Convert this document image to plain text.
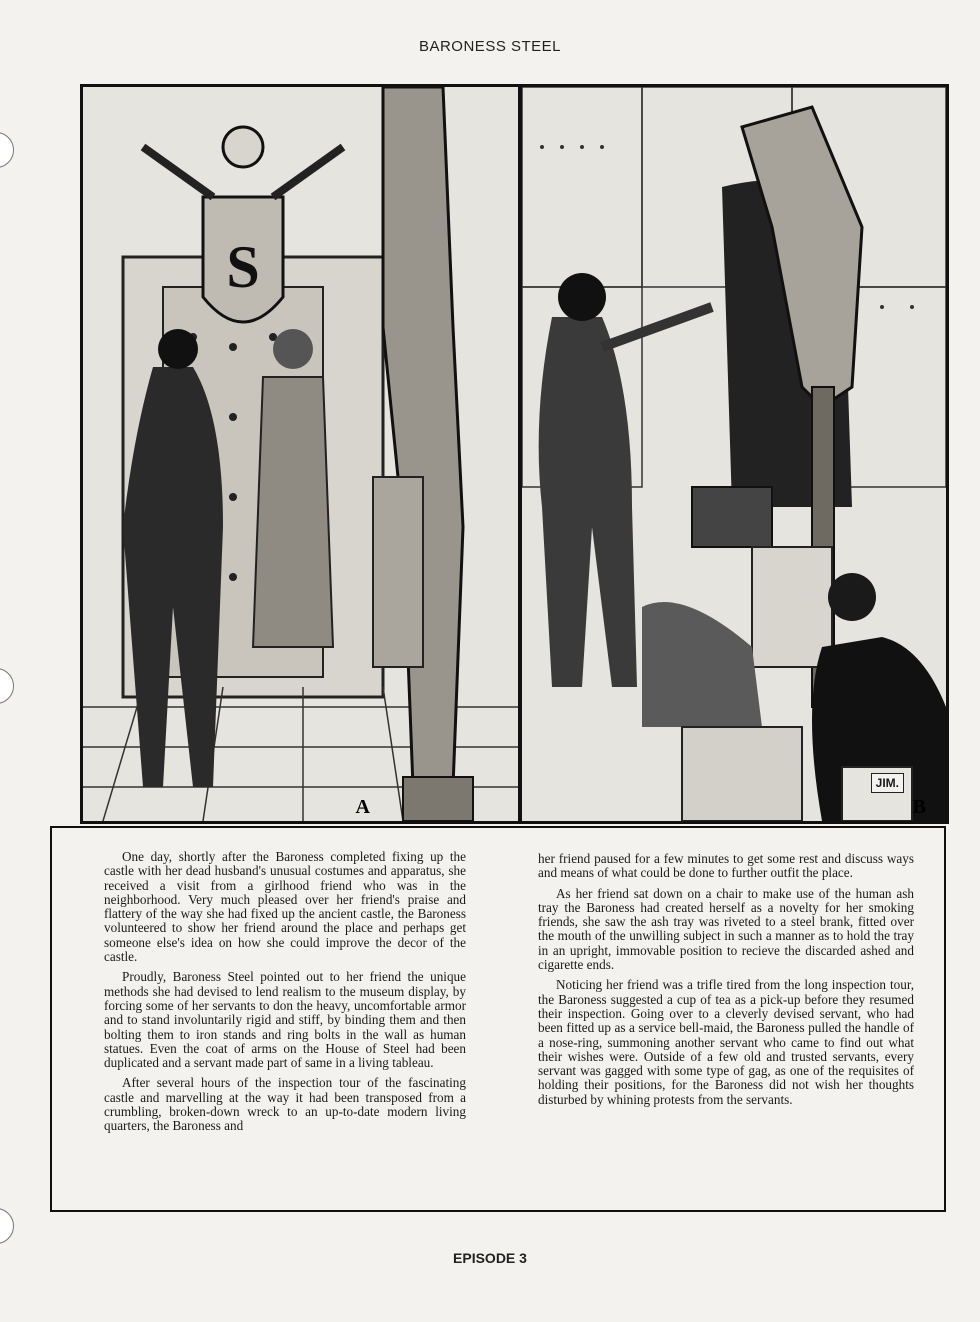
BARONESS STEEL
S
A
JIM.
B

One day, shortly after the Baroness completed fixing up the castle with her dead husband's unusual costumes and apparatus, she received a visit from a girlhood friend who was in the neighborhood. Very much pleased over her friend's praise and flattery of the way she had fixed up the ancient castle, the Baroness volunteered to show her friend around the place and perhaps get someone else's idea on how she could improve the decor of the castle.

Proudly, Baroness Steel pointed out to her friend the unique methods she had devised to lend realism to the museum display, by forcing some of her servants to don the heavy, uncomfortable armor and to stand involuntarily rigid and stiff, by binding them and then bolting them to iron stands and ring bolts in the wall as human statues. Even the coat of arms on the House of Steel had been duplicated and a servant made part of same in a living tableau.

After several hours of the inspection tour of the fascinating castle and marvelling at the way it had been transposed from a crumbling, broken-down wreck to an up-to-date modern living quarters, the Baroness and

her friend paused for a few minutes to get some rest and discuss ways and means of what could be done to further outfit the place.

As her friend sat down on a chair to make use of the human ash tray the Baroness had created herself as a novelty for her smoking friends, she saw the ash tray was riveted to a steel brank, fitted over the mouth of the unwilling subject in such a manner as to hold the tray in an upright, immovable position to recieve the discarded ashed and cigarette ends.

Noticing her friend was a trifle tired from the long inspection tour, the Baroness suggested a cup of tea as a pick-up before they resumed their inspection. Going over to a cleverly devised servant, who had been fitted up as a service bell-maid, the Baroness pulled the handle of a nose-ring, summoning another servant who came to find out what their wishes were. Outside of a few old and trusted servants, every servant was gagged with some type of gag, as one of the requisites of holding their positions, for the Baroness did not wish her thoughts disturbed by whining protests from the servants.

EPISODE 3
